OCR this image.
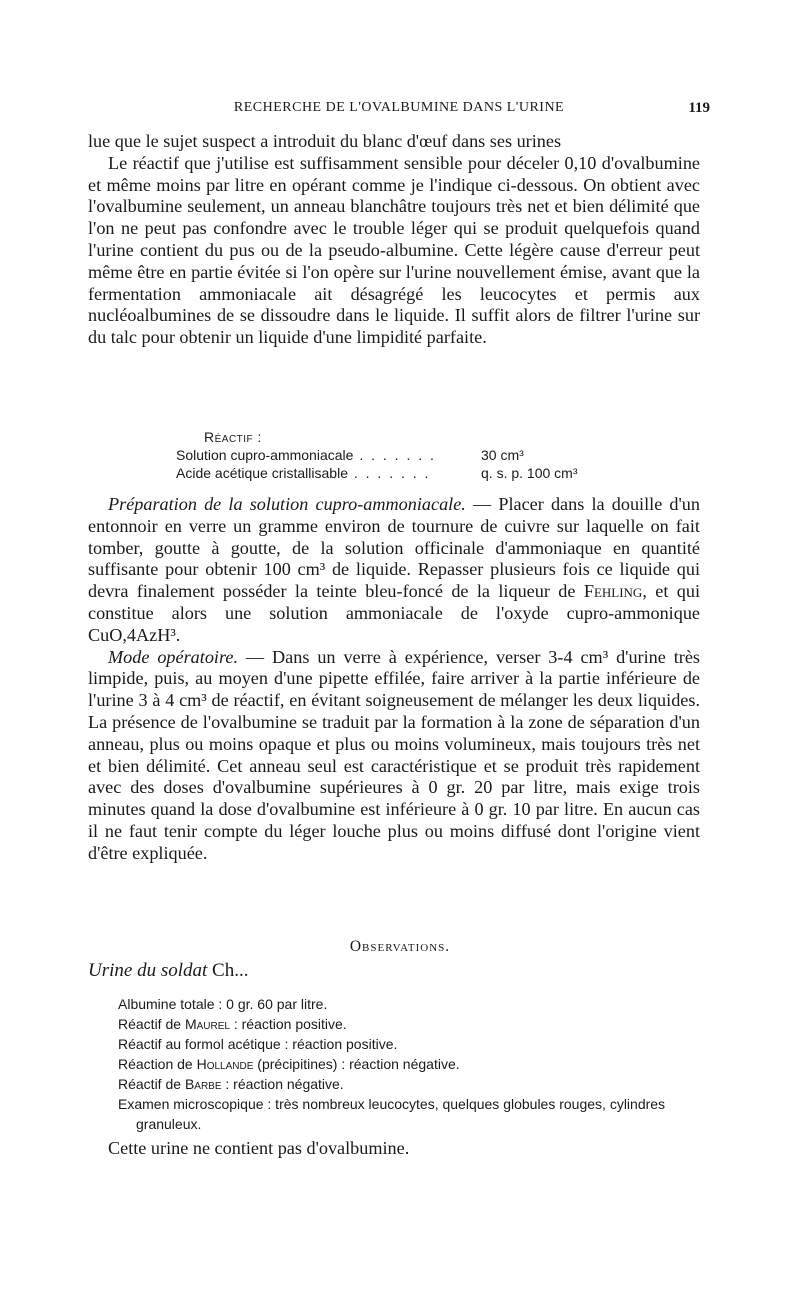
RECHERCHE DE L'OVALBUMINE DANS L'URINE	119

lue que le sujet suspect a introduit du blanc d'œuf dans ses urines

Le réactif que j'utilise est suffisamment sensible pour déceler 0,10 d'ovalbumine et même moins par litre en opérant comme je l'indique ci-dessous. On obtient avec l'ovalbumine seulement, un anneau blanchâtre toujours très net et bien délimité que l'on ne peut pas confondre avec le trouble léger qui se produit quelquefois quand l'urine contient du pus ou de la pseudo-albumine. Cette légère cause d'erreur peut même être en partie évitée si l'on opère sur l'urine nouvellement émise, avant que la fermentation ammoniacale ait désagrégé les leucocytes et permis aux nucléoalbumines de se dissoudre dans le liquide. Il suffit alors de filtrer l'urine sur du talc pour obtenir un liquide d'une limpidité parfaite.

Réactif :
Solution cupro-ammoniacale . . . . . . .	30 cm³
Acide acétique cristallisable . . . . . . .	q. s. p. 100 cm³

Préparation de la solution cupro-ammoniacale. — Placer dans la douille d'un entonnoir en verre un gramme environ de tournure de cuivre sur laquelle on fait tomber, goutte à goutte, de la solution officinale d'ammoniaque en quantité suffisante pour obtenir 100 cm³ de liquide. Repasser plusieurs fois ce liquide qui devra finalement posséder la teinte bleu-foncé de la liqueur de Fehling, et qui constitue alors une solution ammoniacale de l'oxyde cupro-ammonique CuO,4AzH³.

Mode opératoire. — Dans un verre à expérience, verser 3-4 cm³ d'urine très limpide, puis, au moyen d'une pipette effilée, faire arriver à la partie inférieure de l'urine 3 à 4 cm³ de réactif, en évitant soigneusement de mélanger les deux liquides. La présence de l'ovalbumine se traduit par la formation à la zone de séparation d'un anneau, plus ou moins opaque et plus ou moins volumineux, mais toujours très net et bien délimité. Cet anneau seul est caractéristique et se produit très rapidement avec des doses d'ovalbumine supérieures à 0 gr. 20 par litre, mais exige trois minutes quand la dose d'ovalbumine est inférieure à 0 gr. 10 par litre. En aucun cas il ne faut tenir compte du léger louche plus ou moins diffusé dont l'origine vient d'être expliquée.

Observations.
Urine du soldat Ch...

Albumine totale : 0 gr. 60 par litre.

Réactif de Maurel : réaction positive.

Réactif au formol acétique : réaction positive.

Réaction de Hollande (précipitines) : réaction négative.

Réactif de Barbe : réaction négative.

Examen microscopique : très nombreux leucocytes, quelques globules rouges, cylindres granuleux.

Cette urine ne contient pas d'ovalbumine.
